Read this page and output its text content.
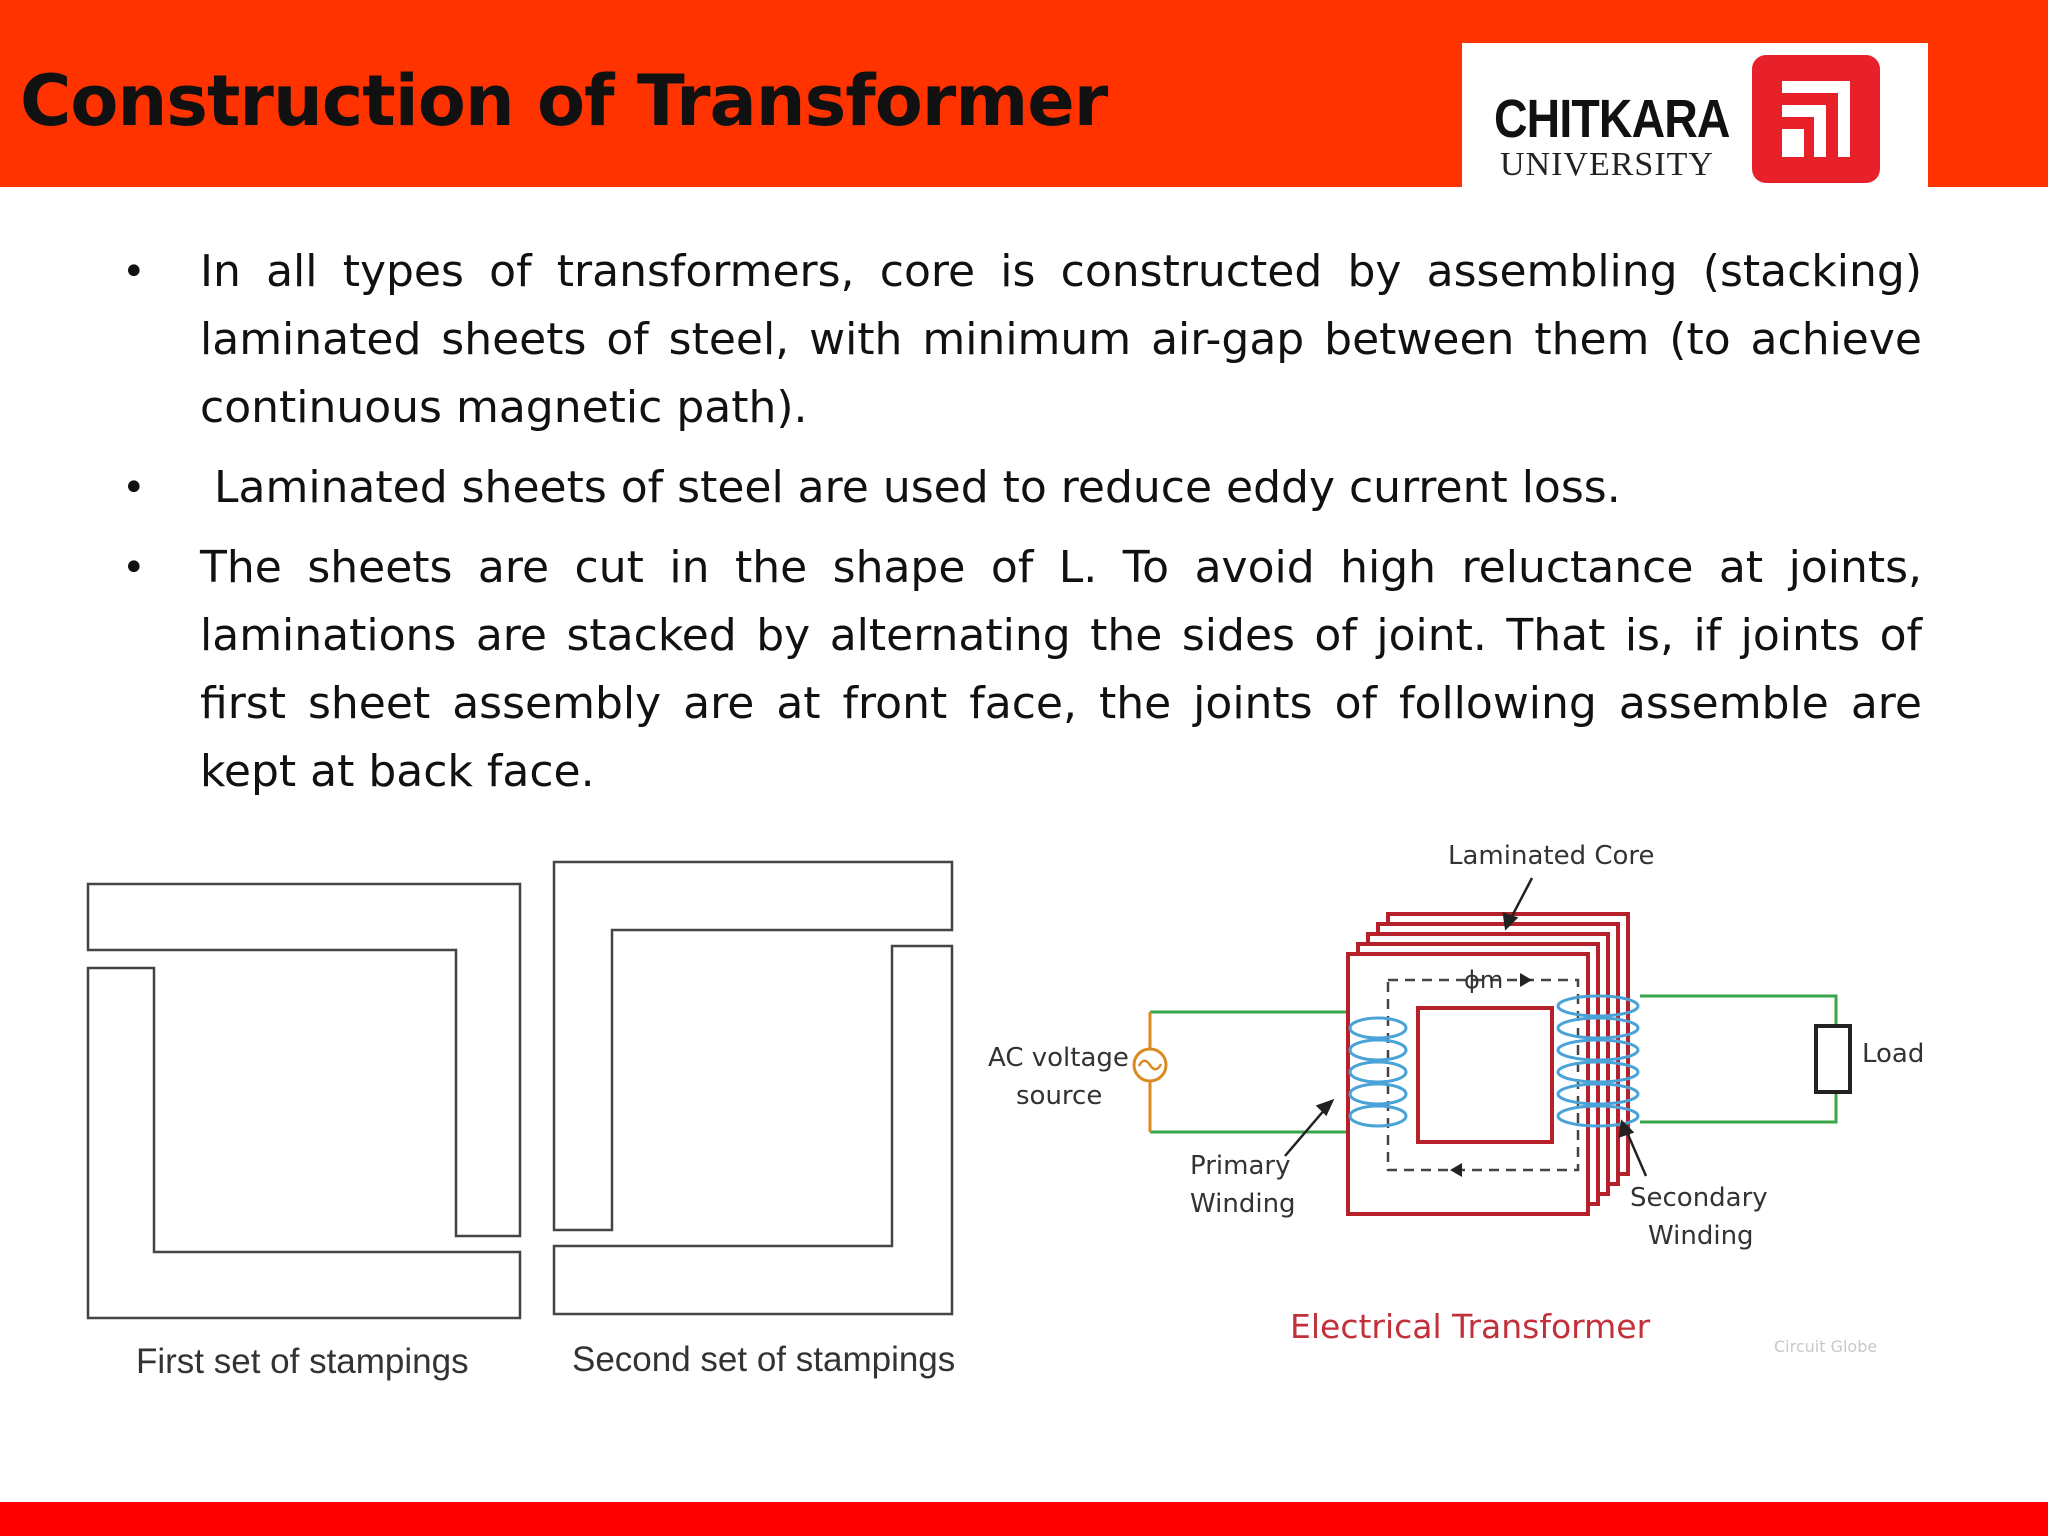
Construction of Transformer	CHITKARA
UNIVERSITY
• In all types of transformers, core is constructed by assembling (stacking) laminated sheets of steel, with minimum air-gap between them (to achieve continuous magnetic path).
• Laminated sheets of steel are used to reduce eddy current loss.
• The sheets are cut in the shape of L. To avoid high reluctance at joints, laminations are stacked by alternating the sides of joint. That is, if joints of first sheet assembly are at front face, the joints of following assemble are kept at back face.
First set of stampings	Second set of stampings
Laminated Core
ϕm
AC voltage
source
Load
Primary
Winding	Secondary
Winding
Electrical Transformer
Circuit Globe
